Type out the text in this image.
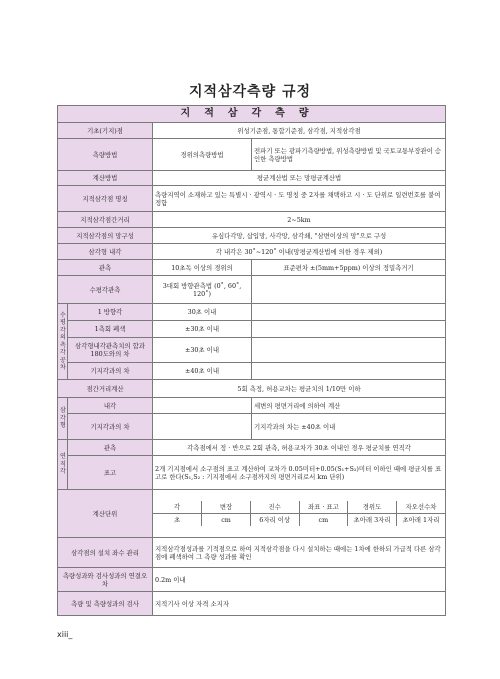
지적삼각측량 규정
지적삼각측량
기초(기지)점	위성기준점, 통합기준점, 삼각점, 지적삼각점
측량방법	경위의측량방법	전파기 또는 광파기측량방법, 위성측량방법 및 국토교통부장관이 승인한 측량방법
계산방법	평균계산법 또는 망평균계산법
지적삼각점 명칭	측량지역이 소재하고 있는 특별시 · 광역시 · 도 명칭 중 2자를 채택하고 시 · 도 단위로 일련번호를 붙여 정함
지적삼각점간거리	2~5km
지적삼각점의 망구성	유심다각망, 삽입망, 사각망, 삼각쇄, "삼변이상의 망"으로 구성
삼각형 내각	각 내각은 30˚~120˚ 이내(망평균계산법에 의한 경우 제외)
관측	10초독 이상의 경위의	표준편차 ±(5mm+5ppm) 이상의 정밀측거기
수평각관측	3대회 방향관측법 (0˚, 60˚, 120˚)	
수평각의측각공차	1 방향각	30초 이내	
1측회 폐색	±30초 이내	
삼각형내각관측치의 합과 180도와의 차	±30초 이내	
기지각과의 차	±40초 이내	
점간거리계산	5회 측정, 허용교차는 평균치의 1/10만 이하
삼각형	내각		세변의 평면거리에 의하여 계산
기지각과의 차		기지각과의 차는 ±40초 이내
연직각	관측	각측점에서 정 · 반으로 2회 관측, 허용교차가 30초 이내인 경우 평균치를 연직각
표고	2개 기지점에서 소구점의 표고 계산하여 교차가 0.05미터+0.05(S₁+S₂)미터 이하인 때에 평균치를 표고로 한다(S₁,S₂ : 기지점에서 소구점까지의 평면거리로서 km 단위)
계산단위	
각	변장	진수	좌표 · 표고	경위도	자오선수차
초	cm	6자리 이상	cm	초아래 3자리	초아래 1자리

삼각점의 설치 좌수 관리	지적삼각점성과를 기적점으로 하여 지적삼각점을 다시 설치하는 때에는 1차에 한하되 가급적 다른 삼각점에 폐색하여 그 측량 성과를 확인
측량성과와 검사성과의 연결오차	0.2m 이내
측량 및 측량성과의 검사	지적기사 이상 자격 소지자
xiii_
